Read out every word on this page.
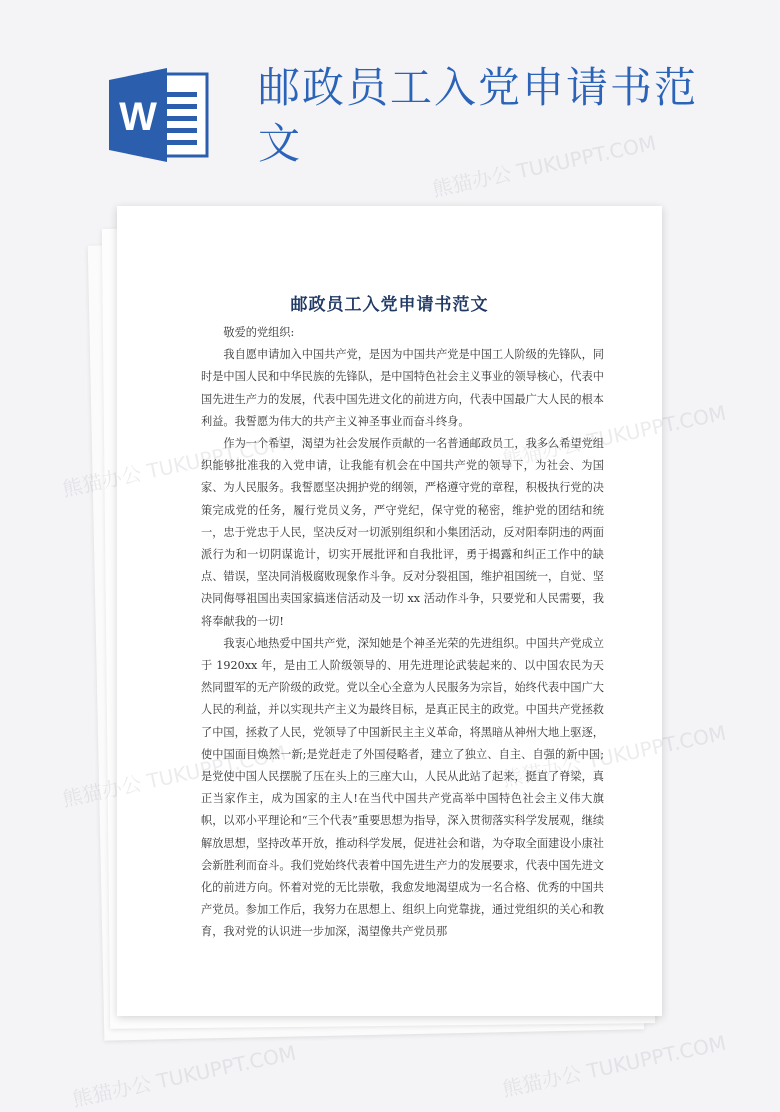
W
邮政员工入党申请书范文
邮政员工入党申请书范文

敬爱的党组织:

我自愿申请加入中国共产党，是因为中国共产党是中国工人阶级的先锋队，同时是中国人民和中华民族的先锋队，是中国特色社会主义事业的领导核心，代表中国先进生产力的发展，代表中国先进文化的前进方向，代表中国最广大人民的根本利益。我誓愿为伟大的共产主义神圣事业而奋斗终身。

作为一个希望，渴望为社会发展作贡献的一名普通邮政员工，我多么希望党组织能够批准我的入党申请，让我能有机会在中国共产党的领导下，为社会、为国家、为人民服务。我誓愿坚决拥护党的纲领，严格遵守党的章程，积极执行党的决策完成党的任务，履行党员义务，严守党纪，保守党的秘密，维护党的团结和统一，忠于党忠于人民，坚决反对一切派别组织和小集团活动，反对阳奉阴违的两面派行为和一切阴谋诡计，切实开展批评和自我批评，勇于揭露和纠正工作中的缺点、错误，坚决同消极腐败现象作斗争。反对分裂祖国，维护祖国统一，自觉、坚决同侮辱祖国出卖国家搞迷信活动及一切 xx 活动作斗争，只要党和人民需要，我将奉献我的一切!

我衷心地热爱中国共产党，深知她是个神圣光荣的先进组织。中国共产党成立于 1920xx 年，是由工人阶级领导的、用先进理论武装起来的、以中国农民为天然同盟军的无产阶级的政党。党以全心全意为人民服务为宗旨，始终代表中国广大人民的利益，并以实现共产主义为最终目标，是真正民主的政党。中国共产党拯救了中国，拯救了人民，党领导了中国新民主主义革命，将黑暗从神州大地上驱逐，使中国面目焕然一新;是党赶走了外国侵略者，建立了独立、自主、自强的新中国;是党使中国人民摆脱了压在头上的三座大山，人民从此站了起来，挺直了脊梁，真正当家作主，成为国家的主人!在当代中国共产党高举中国特色社会主义伟大旗帜，以邓小平理论和“三个代表”重要思想为指导，深入贯彻落实科学发展观，继续解放思想，坚持改革开放，推动科学发展，促进社会和谐，为夺取全面建设小康社会新胜利而奋斗。我们党始终代表着中国先进生产力的发展要求，代表中国先进文化的前进方向。怀着对党的无比崇敬，我愈发地渴望成为一名合格、优秀的中国共产党员。参加工作后，我努力在思想上、组织上向党靠拢，通过党组织的关心和教育，我对党的认识进一步加深，渴望像共产党员那

熊猫办公 TUKUPPT.COM
熊猫办公 TUKUPPT.COM	熊猫办公 TUKUPPT.COM
